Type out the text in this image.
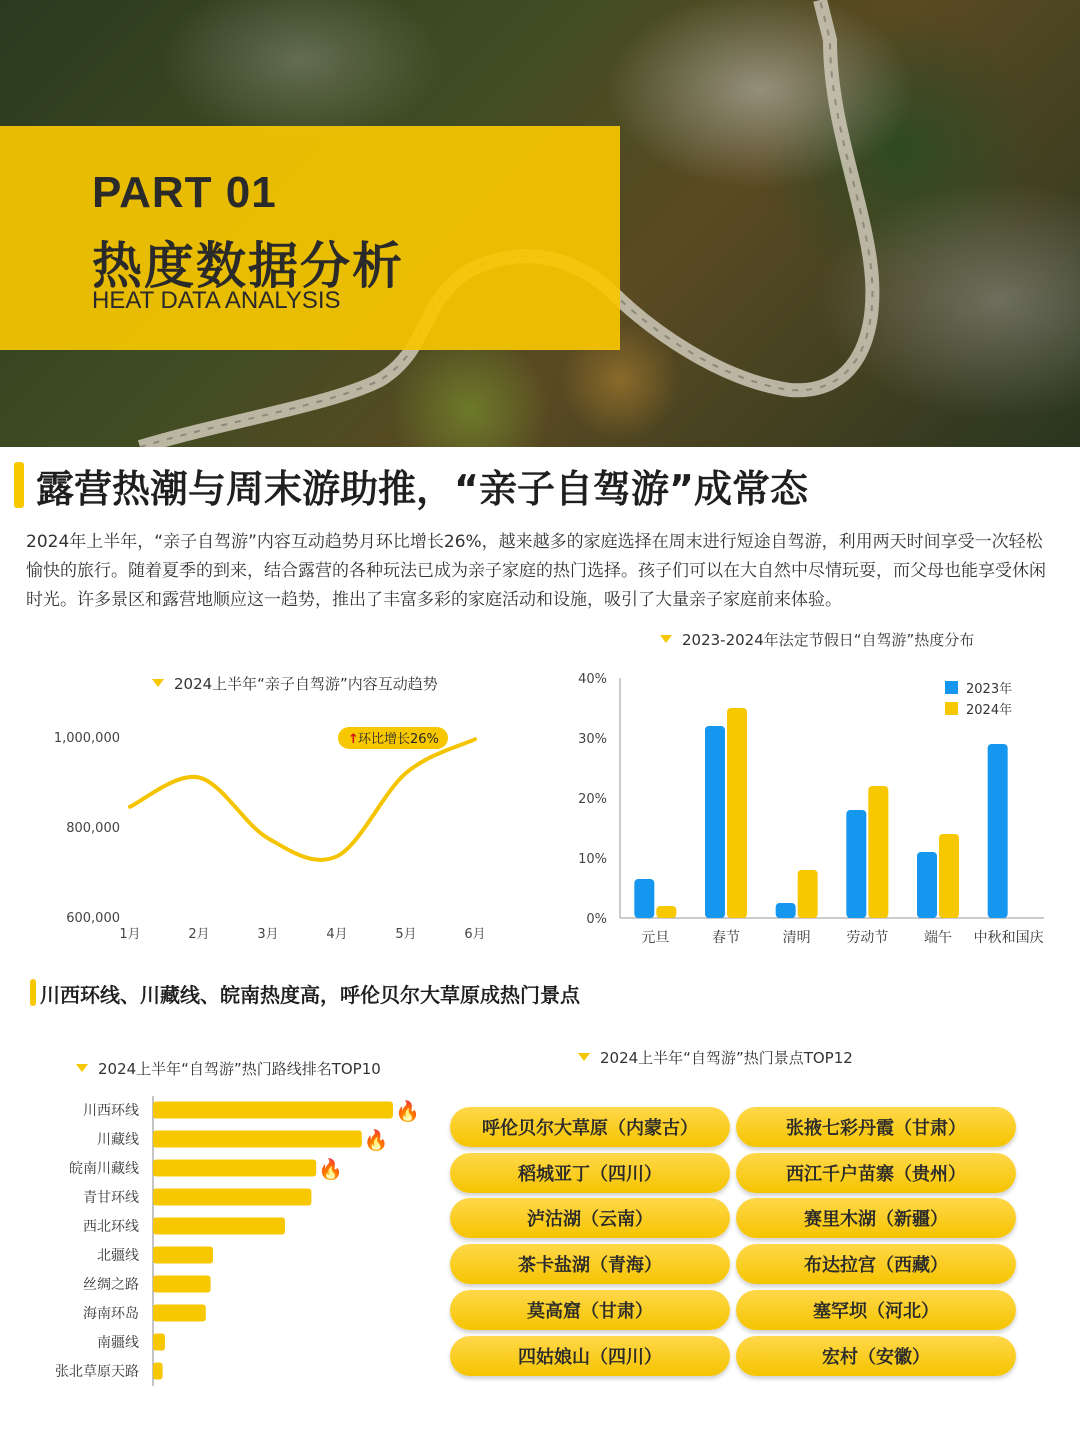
PART 01
热度数据分析
HEAT DATA ANALYSIS
露营热潮与周末游助推，“亲子自驾游”成常态
2024年上半年，“亲子自驾游”内容互动趋势月环比增长26%，越来越多的家庭选择在周末进行短途自驾游，利用两天时间享受一次轻松愉快的旅行。随着夏季的到来，结合露营的各种玩法已成为亲子家庭的热门选择。孩子们可以在大自然中尽情玩耍，而父母也能享受休闲时光。许多景区和露营地顺应这一趋势，推出了丰富多彩的家庭活动和设施，吸引了大量亲子家庭前来体验。
2024上半年“亲子自驾游”内容互动趋势
600,000
800,000
1,000,000
1月	2月	3月	4月	5月	6月
↑ 环比增长26%
2023-2024年法定节假日“自驾游”热度分布
0%
10%
20%
30%
40%
元旦	春节	清明	劳动节	端午 中秋和国庆
2023年
2024年
川西环线、川藏线、皖南热度高，呼伦贝尔大草原成热门景点
2024上半年“自驾游”热门路线排名TOP10
川西环线	🔥
川藏线	🔥
皖南川藏线	🔥
青甘环线
西北环线
北疆线
丝绸之路
海南环岛
南疆线
张北草原天路
2024上半年“自驾游”热门景点TOP12
呼伦贝尔大草原（内蒙古）	张掖七彩丹霞（甘肃）
稻城亚丁（四川）	西江千户苗寨（贵州）
泸沽湖（云南）	赛里木湖（新疆）
茶卡盐湖（青海）	布达拉宫（西藏）
莫高窟（甘肃）	塞罕坝（河北）
四姑娘山（四川）	宏村（安徽）
